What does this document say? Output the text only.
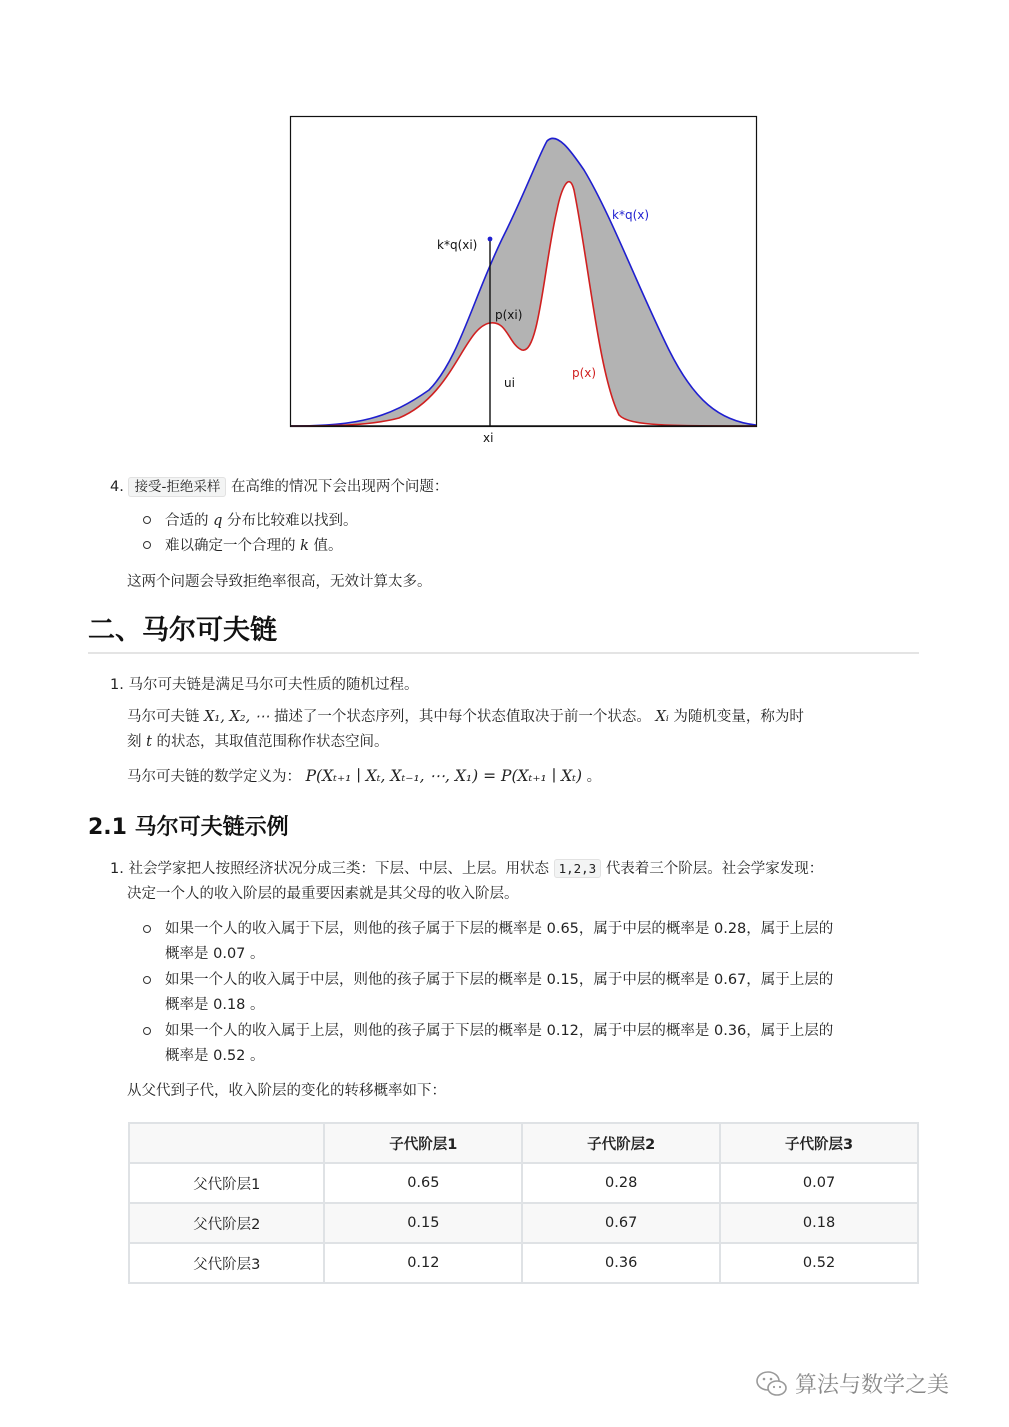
k*q(xi)
p(xi)
ui
k*q(x)
p(x)
xi
4. 接受-拒绝采样 在高维的情况下会出现两个问题：
合适的 q 分布比较难以找到。
难以确定一个合理的 k 值。
这两个问题会导致拒绝率很高，无效计算太多。
二、马尔可夫链
1. 马尔可夫链是满足马尔可夫性质的随机过程。
马尔可夫链 X₁, X₂, ⋯ 描述了一个状态序列，其中每个状态值取决于前一个状态。 Xᵢ 为随机变量，称为时
刻 t 的状态，其取值范围称作状态空间。
马尔可夫链的数学定义为： P(Xₜ₊₁ ∣ Xₜ, Xₜ₋₁, ⋯, X₁) = P(Xₜ₊₁ ∣ Xₜ) 。
2.1 马尔可夫链示例
1. 社会学家把人按照经济状况分成三类：下层、中层、上层。用状态 1,2,3 代表着三个阶层。社会学家发现：
决定一个人的收入阶层的最重要因素就是其父母的收入阶层。
如果一个人的收入属于下层，则他的孩子属于下层的概率是 0.65，属于中层的概率是 0.28，属于上层的
概率是 0.07 。
如果一个人的收入属于中层，则他的孩子属于下层的概率是 0.15，属于中层的概率是 0.67，属于上层的
概率是 0.18 。
如果一个人的收入属于上层，则他的孩子属于下层的概率是 0.12，属于中层的概率是 0.36，属于上层的
概率是 0.52 。
从父代到子代，收入阶层的变化的转移概率如下：
	子代阶层1	子代阶层2	子代阶层3
父代阶层1	0.65	0.28	0.07
父代阶层2	0.15	0.67	0.18
父代阶层3	0.12	0.36	0.52
算法与数学之美
